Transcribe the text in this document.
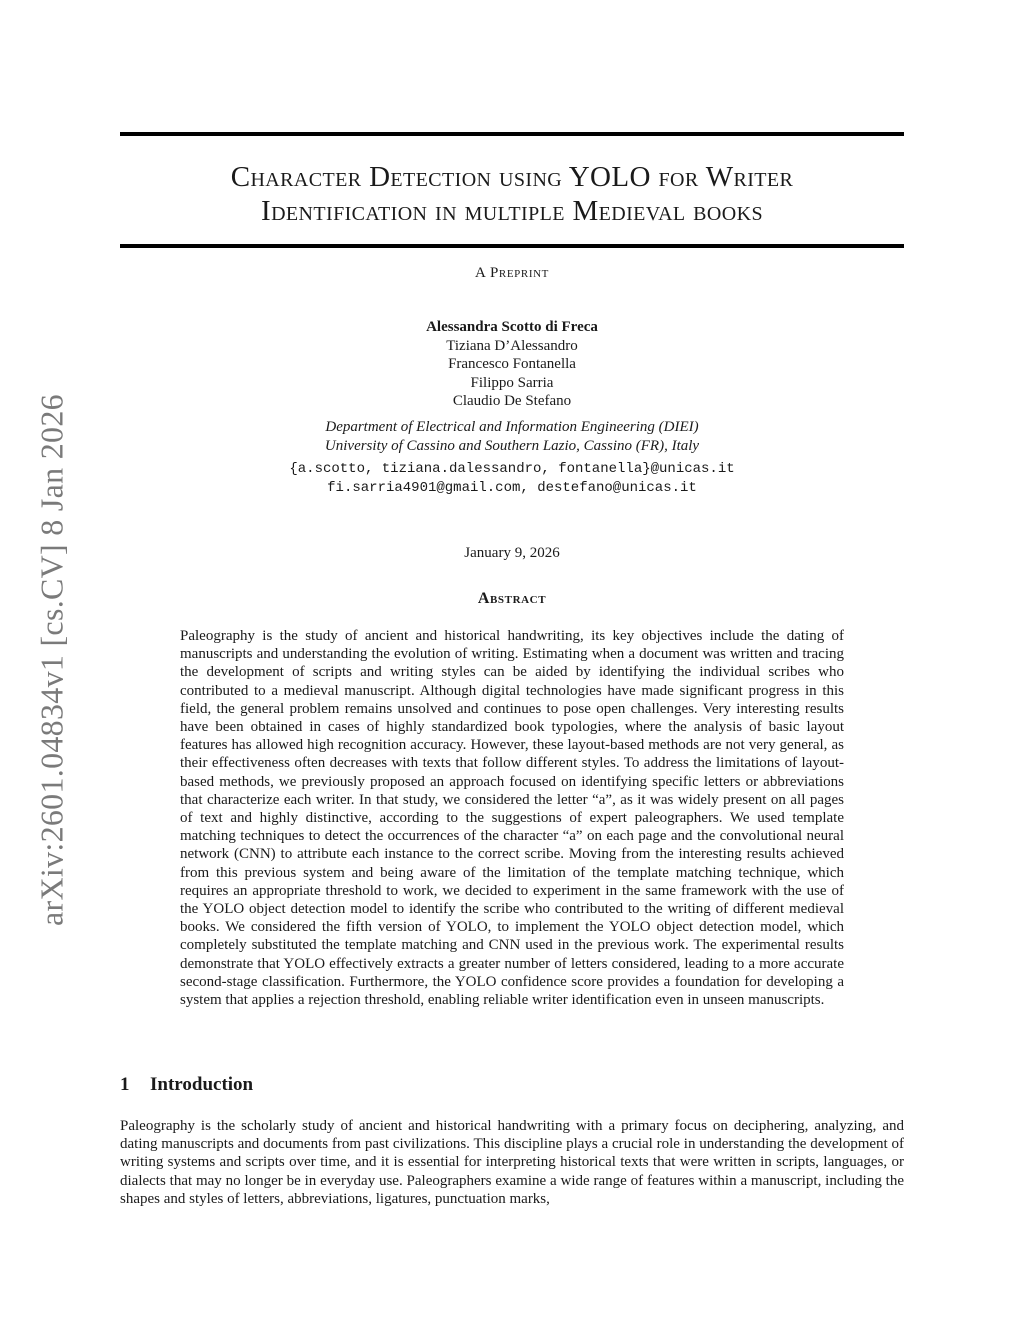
arXiv:2601.04834v1 [cs.CV] 8 Jan 2026
Character Detection using YOLO for Writer
Identification in multiple Medieval books
A Preprint
Alessandra Scotto di Freca
Tiziana D’Alessandro
Francesco Fontanella
Filippo Sarria
Claudio De Stefano
Department of Electrical and Information Engineering (DIEI)
University of Cassino and Southern Lazio, Cassino (FR), Italy
{a.scotto, tiziana.dalessandro, fontanella}@unicas.it
fi.sarria4901@gmail.com, destefano@unicas.it
January 9, 2026
Abstract
Paleography is the study of ancient and historical handwriting, its key objectives include the dating of manuscripts and understanding the evolution of writing. Estimating when a document was written and tracing the development of scripts and writing styles can be aided by identifying the individual scribes who contributed to a medieval manuscript. Although digital technologies have made significant progress in this field, the general problem remains unsolved and continues to pose open challenges. Very interesting results have been obtained in cases of highly standardized book typologies, where the analysis of basic layout features has allowed high recognition accuracy. However, these layout-based methods are not very general, as their effectiveness often decreases with texts that follow different styles. To address the limitations of layout-based methods, we previously proposed an approach focused on identifying specific letters or abbreviations that characterize each writer. In that study, we considered the letter “a”, as it was widely present on all pages of text and highly distinctive, according to the suggestions of expert paleographers. We used template matching techniques to detect the occurrences of the character “a” on each page and the convolutional neural network (CNN) to attribute each instance to the correct scribe. Moving from the interesting results achieved from this previous system and being aware of the limitation of the template matching technique, which requires an appropriate threshold to work, we decided to experiment in the same framework with the use of the YOLO object detection model to identify the scribe who contributed to the writing of different medieval books. We considered the fifth version of YOLO, to implement the YOLO object detection model, which completely substituted the template matching and CNN used in the previous work. The experimental results demonstrate that YOLO effectively extracts a greater number of letters considered, leading to a more accurate second-stage classification. Furthermore, the YOLO confidence score provides a foundation for developing a system that applies a rejection threshold, enabling reliable writer identification even in unseen manuscripts.
1 Introduction
Paleography is the scholarly study of ancient and historical handwriting with a primary focus on deciphering, analyzing, and dating manuscripts and documents from past civilizations. This discipline plays a crucial role in understanding the development of writing systems and scripts over time, and it is essential for interpreting historical texts that were written in scripts, languages, or dialects that may no longer be in everyday use. Paleographers examine a wide range of features within a manuscript, including the shapes and styles of letters, abbreviations, ligatures, punctuation marks,
